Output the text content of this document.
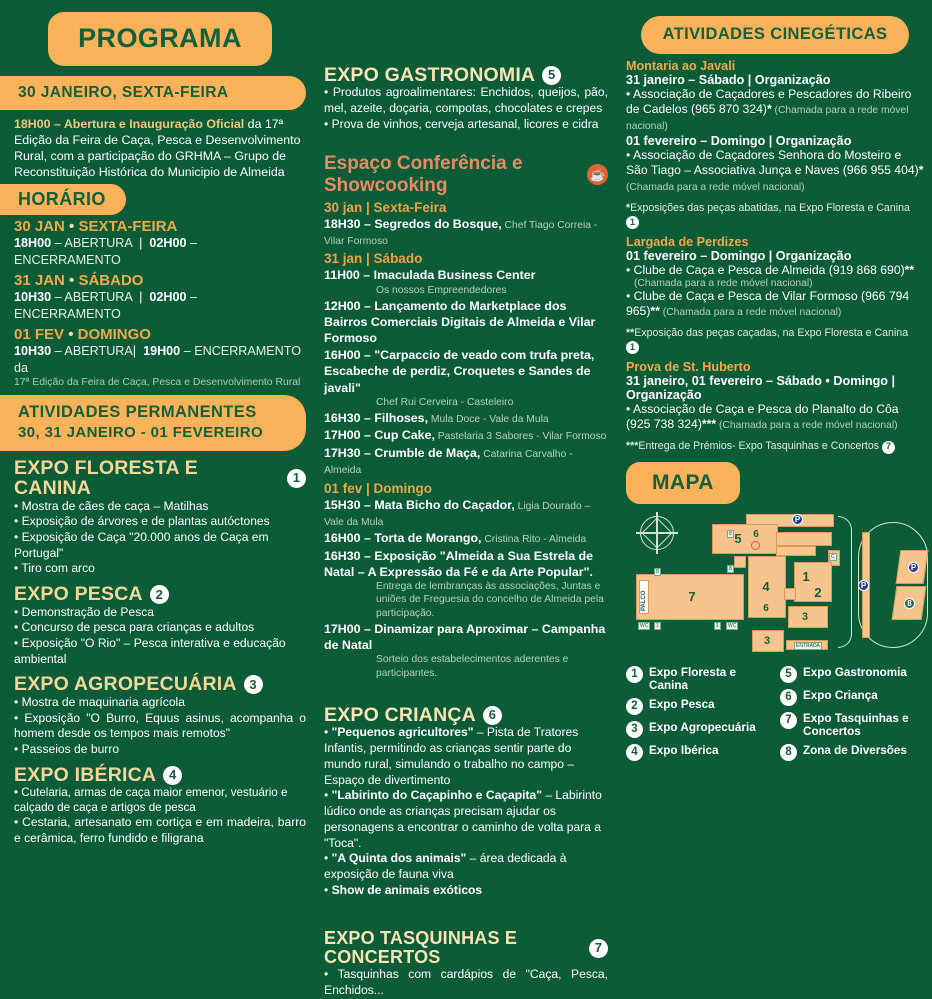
PROGRAMA
30 JANEIRO, SEXTA-FEIRA

18H00 – Abertura e Inauguração Oficial da 17ª Edição da Feira de Caça, Pesca e Desenvolvimento Rural, com a participação do GRHMA – Grupo de Reconstituição Histórica do Municipio de Almeida

HORÁRIO
30 JAN • SEXTA-FEIRA
18H00 – ABERTURA  |  02H00 – ENCERRAMENTO
31 JAN • SÁBADO
10H30 – ABERTURA  |  02H00 – ENCERRAMENTO
01 FEV • DOMINGO
10H30 – ABERTURA|  19H00 – ENCERRAMENTO da
17ª Edição da Feira de Caça, Pesca e Desenvolvimento Rural
ATIVIDADES PERMANENTES
30, 31 JANEIRO - 01 FEVEREIRO
EXPO FLORESTA E CANINA	1

• Mostra de cães de caça – Matilhas

• Exposição de árvores e de plantas autóctones

• Exposição de Caça "20.000 anos de Caça em Portugal"

• Tiro com arco

EXPO PESCA 2

• Demonstração de Pesca

• Concurso de pesca para crianças e adultos

• Exposição "O Rio" – Pesca interativa e educação ambiental

EXPO AGROPECUÁRIA 3

• Mostra de maquinaria agrícola

• Exposição "O Burro, Equus asinus, acompanha o homem desde os tempos mais remotos"

• Passeios de burro

EXPO IBÉRICA 4

• Cutelaria, armas de caça maior emenor, vestuário e calçado de caça e artigos de pesca

• Cestaria, artesanato em cortiça e em madeira, barro e cerâmica, ferro fundido e filigrana

EXPO GASTRONOMIA 5

• Produtos agroalimentares: Enchidos, queijos, pão, mel, azeite, doçaria, compotas, chocolates e crepes

• Prova de vinhos, cerveja artesanal, licores e cidra

Espaço Conferência e Showcooking	☕
30 jan | Sexta-Feira
18H30 – Segredos do Bosque, Chef Tiago Correia - Vilar Formoso
31 jan | Sábado
11H00 – Imaculada Business Center
Os nossos Empreendedores
12H00 – Lançamento do Marketplace dos Bairros Comerciais Digitais de Almeida e Vilar Formoso
16H00 – "Carpaccio de veado com trufa preta, Escabeche de perdiz, Croquetes e Sandes de javali"
Chef Rui Cerveira - Casteleiro
16H30 – Filhoses, Mula Doce - Vale da Mula
17H00 – Cup Cake, Pastelaria 3 Sabores - Vilar Formoso
17H30 – Crumble de Maça, Catarina Carvalho - Almeida
01 fev | Domingo
15H30 – Mata Bicho do Caçador, Ligia Dourado – Vale da Mula
16H00 – Torta de Morango, Cristina Rito - Almeida
16H30 – Exposição "Almeida a Sua Estrela de Natal – A Expressão da Fé e da Arte Popular".
Entrega de lembranças às associações, Juntas e uniões de Freguesia do concelho de Almeida pela participação.
17H00 – Dinamizar para Aproximar – Campanha de Natal
Sorteio dos estabelecimentos aderentes e participantes.
EXPO CRIANÇA 6

• "Pequenos agricultores" – Pista de Tratores Infantis, permitindo as crianças sentir parte do mundo rural, simulando o trabalho no campo – Espaço de divertimento

• "Labirinto do Caçapinho e Caçapita" – Labirinto lúdico onde as crianças precisam ajudar os personagens a encontrar o caminho de volta para a "Toca".

• "A Quinta dos animais" – área dedicada à exposição de fauna viva

• Show de animais exóticos

EXPO TASQUINHAS E CONCERTOS	7

• Tasquinhas com cardápios de "Caça, Pesca, Enchidos...

ATIVIDADES CINEGÉTICAS
Montaria ao Javali
31 janeiro – Sábado | Organização
• Associação de Caçadores e Pescadores do Ribeiro de Cadelos (965 870 324)* (Chamada para a rede móvel nacional)
01 fevereiro – Domingo | Organização
• Associação de Caçadores Senhora do Mosteiro e São Tiago – Associativa Junça e Naves (966 955 404)* (Chamada para a rede móvel nacional)
*Exposições das peças abatidas, na Expo Floresta e Canina 1
Largada de Perdizes
01 fevereiro – Domingo | Organização
• Clube de Caça e Pesca de Almeida (919 868 690)**
(Chamada para a rede móvel nacional)
• Clube de Caça e Pesca de Vilar Formoso (966 794 965)** (Chamada para a rede móvel nacional)
**Exposição das peças caçadas, na Expo Floresta e Canina 1
Prova de St. Huberto
31 janeiro, 01 fevereiro – Sábado • Domingo | Organização
• Associação de Caça e Pesca do Planalto do Côa (925 738 324)*** (Chamada para a rede móvel nacional)
***Entrega de Prémios- Expo Tasquinhas e Concertos 7
MAPA
P
5	6
C
8
8
4
6
1
2
3
3
PALCO	7
8
WC	1	1	WC
ENTRADA
P
P
8
1 Expo Floresta e Canina
2 Expo Pesca
3 Expo Agropecuária
4 Expo Ibérica
5 Expo Gastronomia
6 Expo Criança
7 Expo Tasquinhas e Concertos
8 Zona de Diversões
